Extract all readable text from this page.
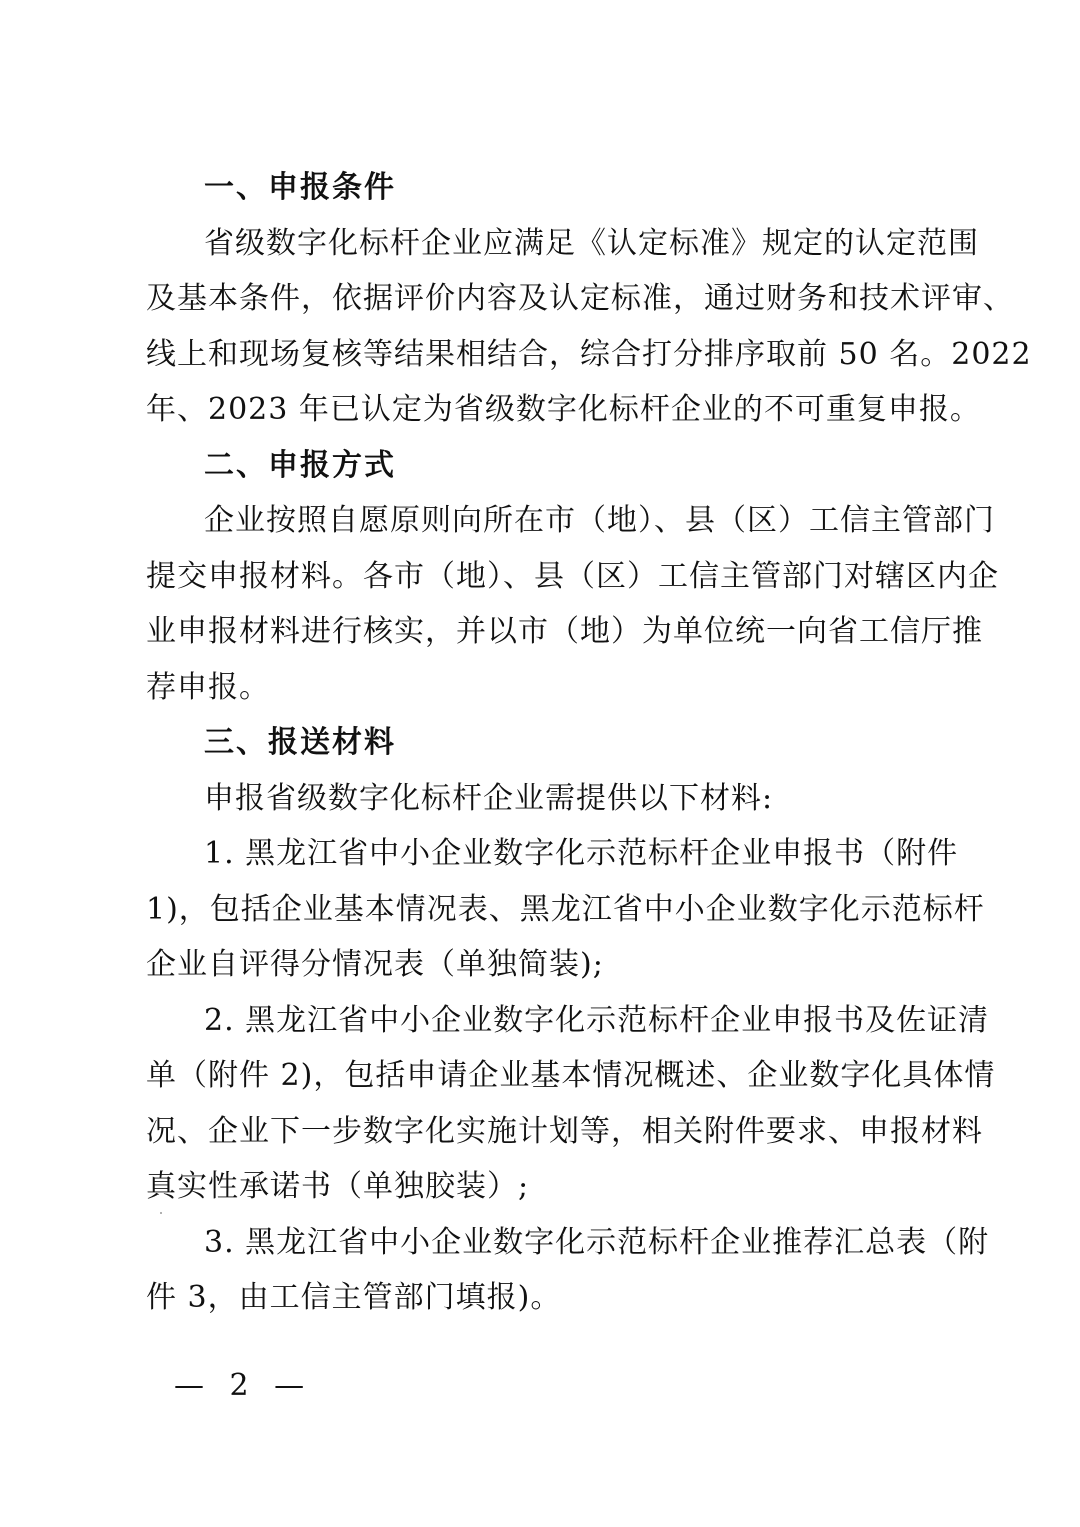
一、申报条件
省级数字化标杆企业应满足《认定标准》规定的认定范围
及基本条件，依据评价内容及认定标准，通过财务和技术评审、
线上和现场复核等结果相结合，综合打分排序取前 50 名。2022
年、2023 年已认定为省级数字化标杆企业的不可重复申报。
二、申报方式
企业按照自愿原则向所在市（地）、县（区）工信主管部门
提交申报材料。各市（地）、县（区）工信主管部门对辖区内企
业申报材料进行核实，并以市（地）为单位统一向省工信厅推
荐申报。
三、报送材料
申报省级数字化标杆企业需提供以下材料:
1. 黑龙江省中小企业数字化示范标杆企业申报书（附件
1)，包括企业基本情况表、黑龙江省中小企业数字化示范标杆
企业自评得分情况表（单独简装);
2. 黑龙江省中小企业数字化示范标杆企业申报书及佐证清
单（附件 2)，包括申请企业基本情况概述、企业数字化具体情
况、企业下一步数字化实施计划等，相关附件要求、申报材料
真实性承诺书（单独胶装）;
3. 黑龙江省中小企业数字化示范标杆企业推荐汇总表（附
件 3，由工信主管部门填报)。
— 2 —
